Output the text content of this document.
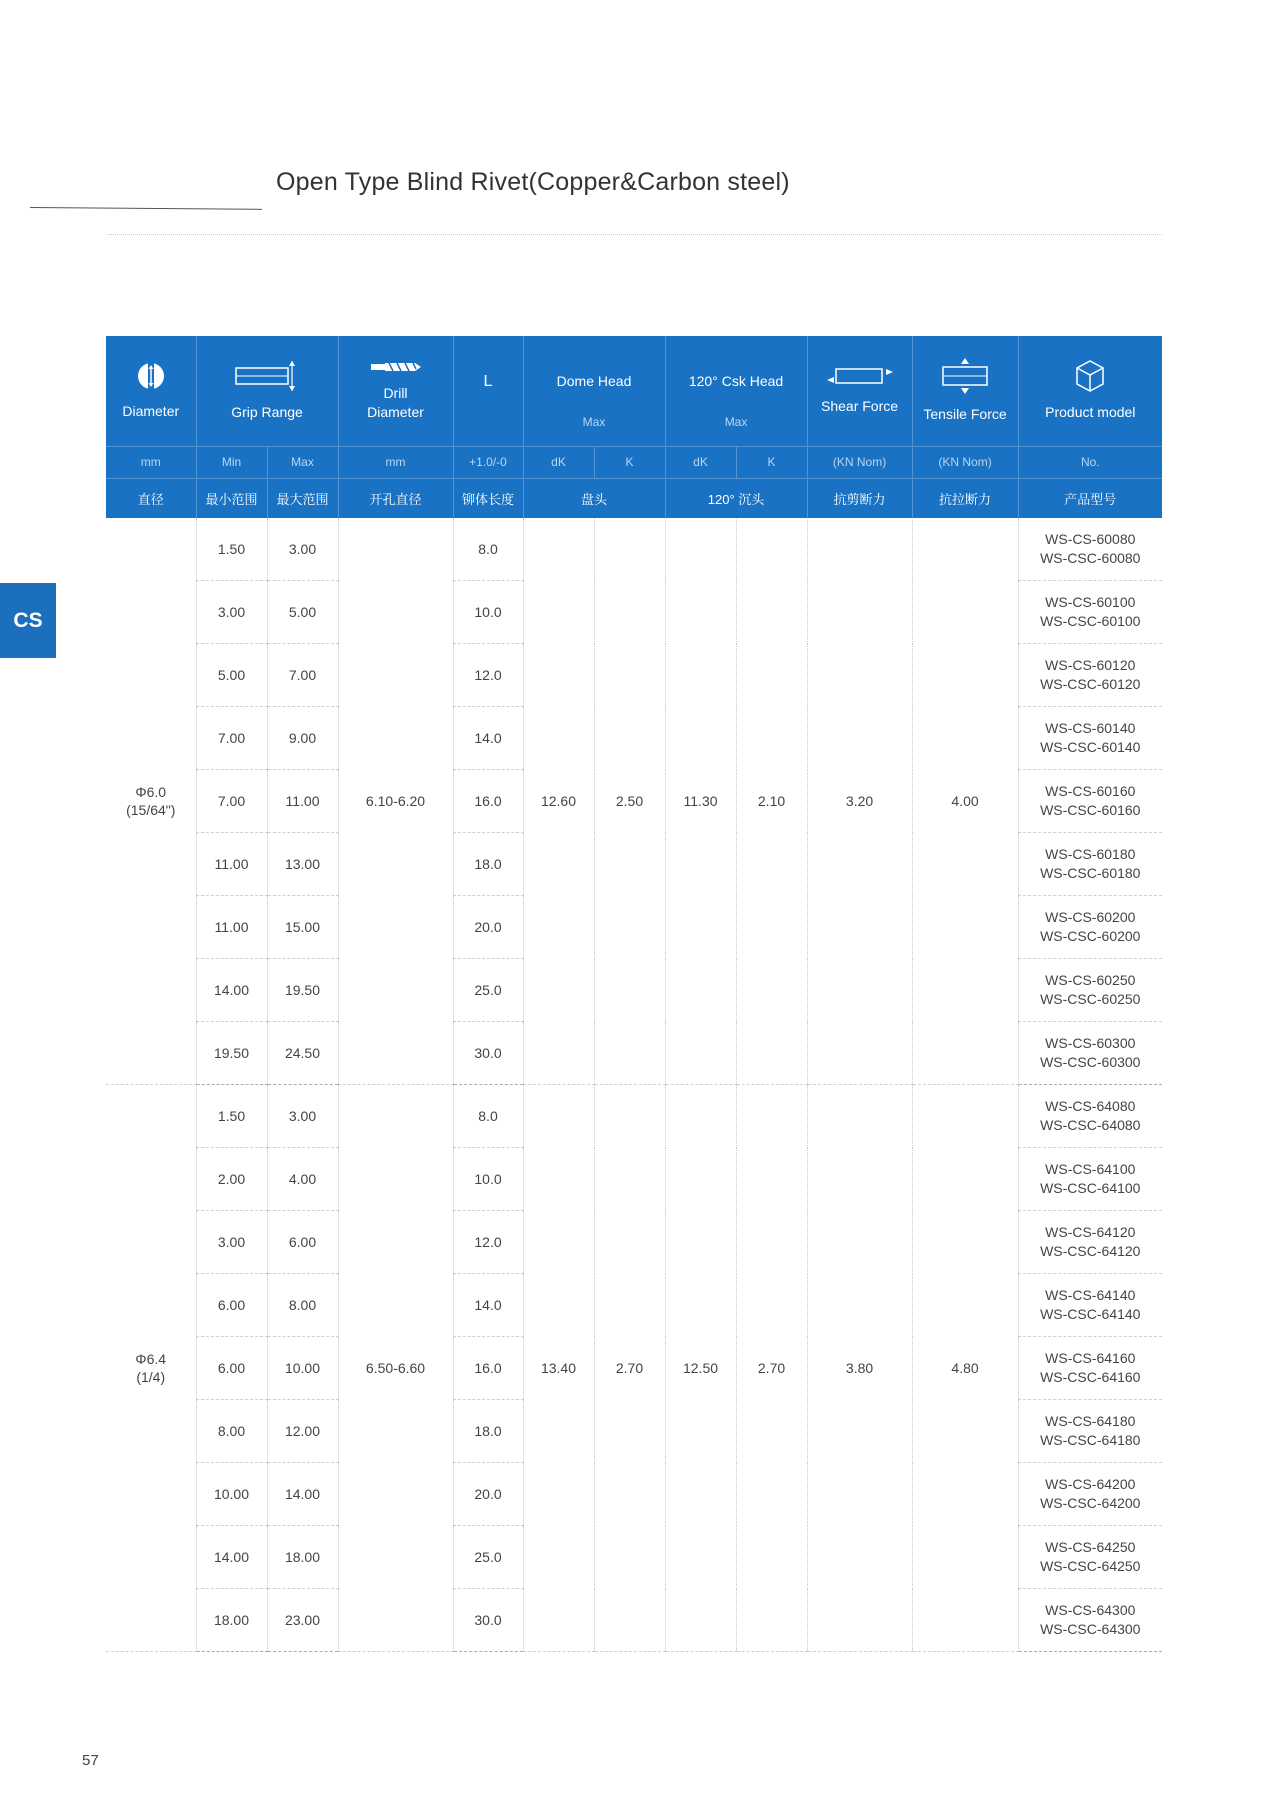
Open Type Blind Rivet(Copper&Carbon steel)
CS
Diameter	Grip Range		Drill
Diameter	L	Dome Head
Max		120° Csk Head
Max		Shear Force	Tensile Force	Product model
mm	Min	Max	mm	+1.0/-0	dK	K	dK	K	(KN Nom)	(KN Nom)	No.
直径	最小范围	最大范围	开孔直径	铆体长度	盘头		120° 沉头		抗剪断力	抗拉断力	产品型号
Φ6.0
(15/64")	1.50	3.00	6.10-6.20	8.0	12.60	2.50	11.30	2.10	3.20	4.00	WS-CS-60080
WS-CSC-60080
	3.00	5.00		10.0							WS-CS-60100
WS-CSC-60100
	5.00	7.00		12.0							WS-CS-60120
WS-CSC-60120
	7.00	9.00		14.0							WS-CS-60140
WS-CSC-60140
	7.00	11.00		16.0							WS-CS-60160
WS-CSC-60160
	11.00	13.00		18.0							WS-CS-60180
WS-CSC-60180
	11.00	15.00		20.0							WS-CS-60200
WS-CSC-60200
	14.00	19.50		25.0							WS-CS-60250
WS-CSC-60250
	19.50	24.50		30.0							WS-CS-60300
WS-CSC-60300
Φ6.4
(1/4)	1.50	3.00	6.50-6.60	8.0	13.40	2.70	12.50	2.70	3.80	4.80	WS-CS-64080
WS-CSC-64080
	2.00	4.00		10.0							WS-CS-64100
WS-CSC-64100
	3.00	6.00		12.0							WS-CS-64120
WS-CSC-64120
	6.00	8.00		14.0							WS-CS-64140
WS-CSC-64140
	6.00	10.00		16.0							WS-CS-64160
WS-CSC-64160
	8.00	12.00		18.0							WS-CS-64180
WS-CSC-64180
	10.00	14.00		20.0							WS-CS-64200
WS-CSC-64200
	14.00	18.00		25.0							WS-CS-64250
WS-CSC-64250
	18.00	23.00		30.0							WS-CS-64300
WS-CSC-64300
57
